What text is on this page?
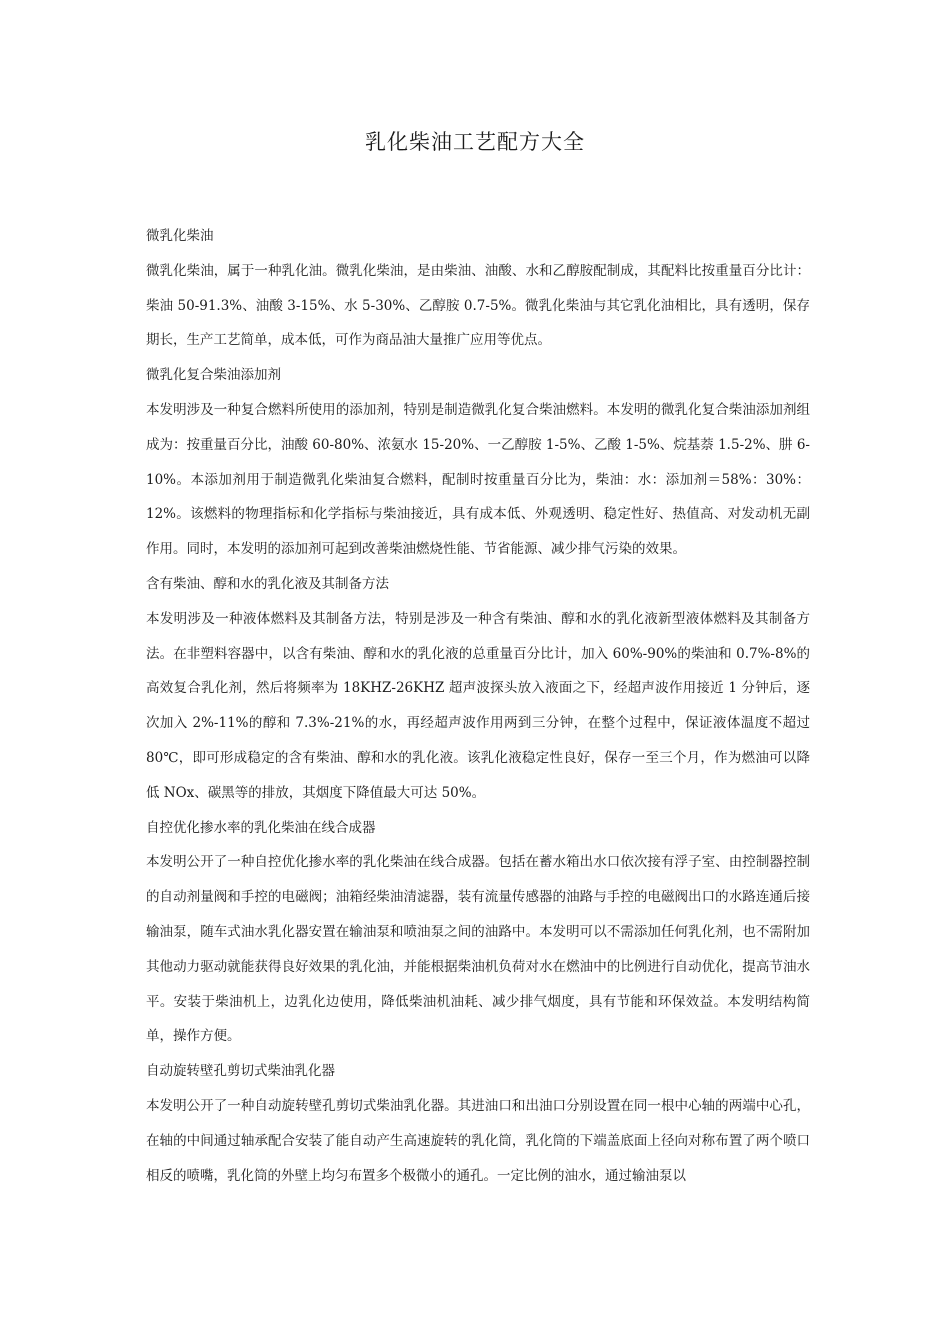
乳化柴油工艺配方大全

微乳化柴油

微乳化柴油，属于一种乳化油。微乳化柴油，是由柴油、油酸、水和乙醇胺配制成，其配料比按重量百分比计：柴油 50-91.3%、油酸 3-15%、水 5-30%、乙醇胺 0.7-5%。微乳化柴油与其它乳化油相比，具有透明，保存期长，生产工艺简单，成本低，可作为商品油大量推广应用等优点。

微乳化复合柴油添加剂

本发明涉及一种复合燃料所使用的添加剂，特别是制造微乳化复合柴油燃料。本发明的微乳化复合柴油添加剂组成为：按重量百分比，油酸 60-80%、浓氨水 15-20%、一乙醇胺 1-5%、乙酸 1-5%、烷基萘 1.5-2%、肼 6-10%。本添加剂用于制造微乳化柴油复合燃料，配制时按重量百分比为，柴油：水：添加剂＝58%：30%：12%。该燃料的物理指标和化学指标与柴油接近，具有成本低、外观透明、稳定性好、热值高、对发动机无副作用。同时，本发明的添加剂可起到改善柴油燃烧性能、节省能源、减少排气污染的效果。

含有柴油、醇和水的乳化液及其制备方法

本发明涉及一种液体燃料及其制备方法，特别是涉及一种含有柴油、醇和水的乳化液新型液体燃料及其制备方法。在非塑料容器中，以含有柴油、醇和水的乳化液的总重量百分比计，加入 60%-90%的柴油和 0.7%-8%的高效复合乳化剂，然后将频率为 18KHZ-26KHZ 超声波探头放入液面之下，经超声波作用接近 1 分钟后，逐次加入 2%-11%的醇和 7.3%-21%的水，再经超声波作用两到三分钟，在整个过程中，保证液体温度不超过 80℃，即可形成稳定的含有柴油、醇和水的乳化液。该乳化液稳定性良好，保存一至三个月，作为燃油可以降低 NOx、碳黑等的排放，其烟度下降值最大可达 50%。

自控优化掺水率的乳化柴油在线合成器

本发明公开了一种自控优化掺水率的乳化柴油在线合成器。包括在蓄水箱出水口依次接有浮子室、由控制器控制的自动剂量阀和手控的电磁阀；油箱经柴油清滤器，装有流量传感器的油路与手控的电磁阀出口的水路连通后接输油泵，随车式油水乳化器安置在输油泵和喷油泵之间的油路中。本发明可以不需添加任何乳化剂，也不需附加其他动力驱动就能获得良好效果的乳化油，并能根据柴油机负荷对水在燃油中的比例进行自动优化，提高节油水平。安装于柴油机上，边乳化边使用，降低柴油机油耗、减少排气烟度，具有节能和环保效益。本发明结构简单，操作方便。

自动旋转壁孔剪切式柴油乳化器

本发明公开了一种自动旋转壁孔剪切式柴油乳化器。其进油口和出油口分别设置在同一根中心轴的两端中心孔，在轴的中间通过轴承配合安装了能自动产生高速旋转的乳化筒，乳化筒的下端盖底面上径向对称布置了两个喷口相反的喷嘴，乳化筒的外壁上均匀布置多个极微小的通孔。一定比例的油水，通过输油泵以
